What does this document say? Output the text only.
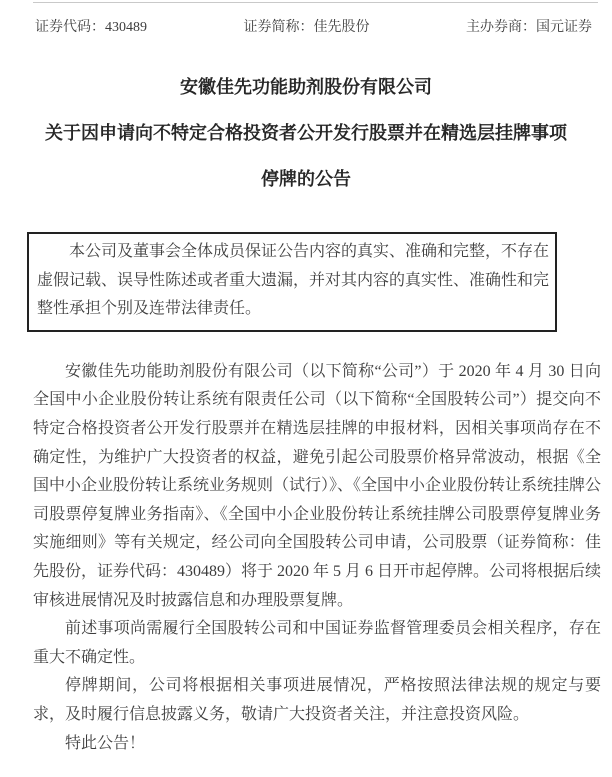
证券代码：430489	证券简称：佳先股份	主办券商：国元证券
安徽佳先功能助剂股份有限公司
关于因申请向不特定合格投资者公开发行股票并在精选层挂牌事项
停牌的公告

本公司及董事会全体成员保证公告内容的真实、准确和完整，不存在虚假记载、误导性陈述或者重大遗漏，并对其内容的真实性、准确性和完整性承担个别及连带法律责任。

安徽佳先功能助剂股份有限公司（以下简称“公司”）于 2020 年 4 月 30 日向全国中小企业股份转让系统有限责任公司（以下简称“全国股转公司”）提交向不特定合格投资者公开发行股票并在精选层挂牌的申报材料，因相关事项尚存在不确定性，为维护广大投资者的权益，避免引起公司股票价格异常波动，根据《全国中小企业股份转让系统业务规则（试行）》、《全国中小企业股份转让系统挂牌公司股票停复牌业务指南》、《全国中小企业股份转让系统挂牌公司股票停复牌业务实施细则》等有关规定，经公司向全国股转公司申请，公司股票（证券简称：佳先股份，证券代码：430489）将于 2020 年 5 月 6 日开市起停牌。公司将根据后续审核进展情况及时披露信息和办理股票复牌。

前述事项尚需履行全国股转公司和中国证券监督管理委员会相关程序，存在重大不确定性。

停牌期间，公司将根据相关事项进展情况，严格按照法律法规的规定与要求，及时履行信息披露义务，敬请广大投资者关注，并注意投资风险。

特此公告！
